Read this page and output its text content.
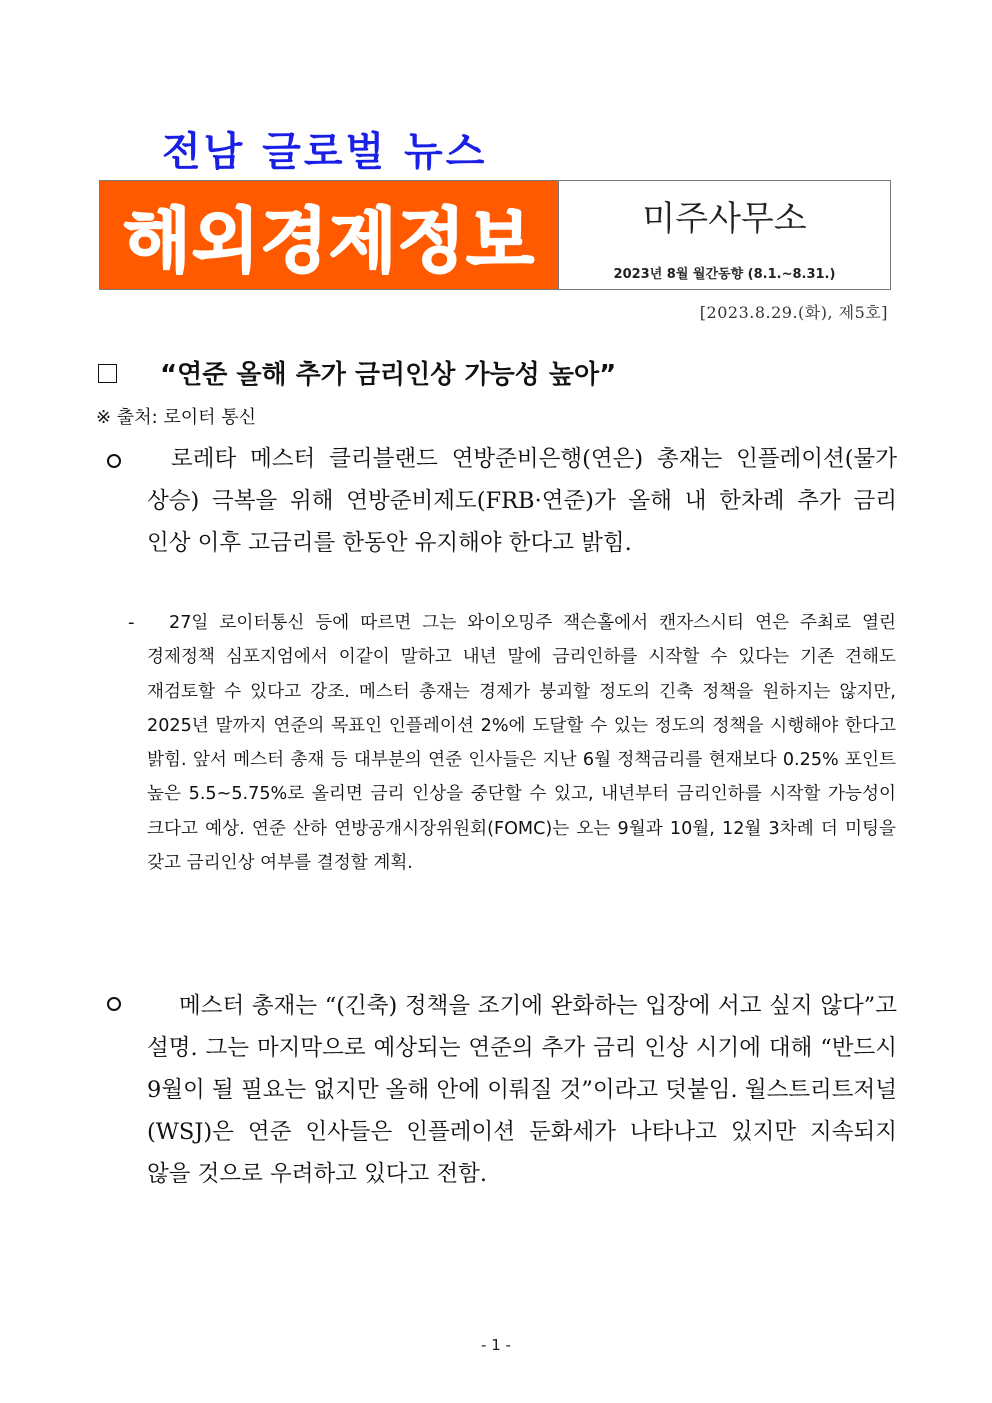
전남 글로벌 뉴스
해외경제정보	미주사무소
2023년 8월 월간동향 (8.1.~8.31.)
[2023.8.29.(화), 제5호]
“연준 올해 추가 금리인상 가능성 높아”
※ 출처: 로이터 통신
로레타 메스터 클리블랜드 연방준비은행(연은) 총재는 인플레이션(물가 상승) 극복을 위해 연방준비제도(FRB·연준)가 올해 내 한차례 추가 금리 인상 이후 고금리를 한동안 유지해야 한다고 밝힘.
-	27일 로이터통신 등에 따르면 그는 와이오밍주 잭슨홀에서 캔자스시티 연은 주최로 열린 경제정책 심포지엄에서 이같이 말하고 내년 말에 금리인하를 시작할 수 있다는 기존 견해도 재검토할 수 있다고 강조. 메스터 총재는 경제가 붕괴할 정도의 긴축 정책을 원하지는 않지만, 2025년 말까지 연준의 목표인 인플레이션 2%에 도달할 수 있는 정도의 정책을 시행해야 한다고 밝힘. 앞서 메스터 총재 등 대부분의 연준 인사들은 지난 6월 정책금리를 현재보다 0.25% 포인트 높은 5.5~5.75%로 올리면 금리 인상을 중단할 수 있고, 내년부터 금리인하를 시작할 가능성이 크다고 예상. 연준 산하 연방공개시장위원회(FOMC)는 오는 9월과 10월, 12월 3차례 더 미팅을 갖고 금리인상 여부를 결정할 계획.
메스터 총재는 “(긴축) 정책을 조기에 완화하는 입장에 서고 싶지 않다”고 설명. 그는 마지막으로 예상되는 연준의 추가 금리 인상 시기에 대해 “반드시 9월이 될 필요는 없지만 올해 안에 이뤄질 것”이라고 덧붙임. 월스트리트저널(WSJ)은 연준 인사들은 인플레이션 둔화세가 나타나고 있지만 지속되지 않을 것으로 우려하고 있다고 전함.
- 1 -
